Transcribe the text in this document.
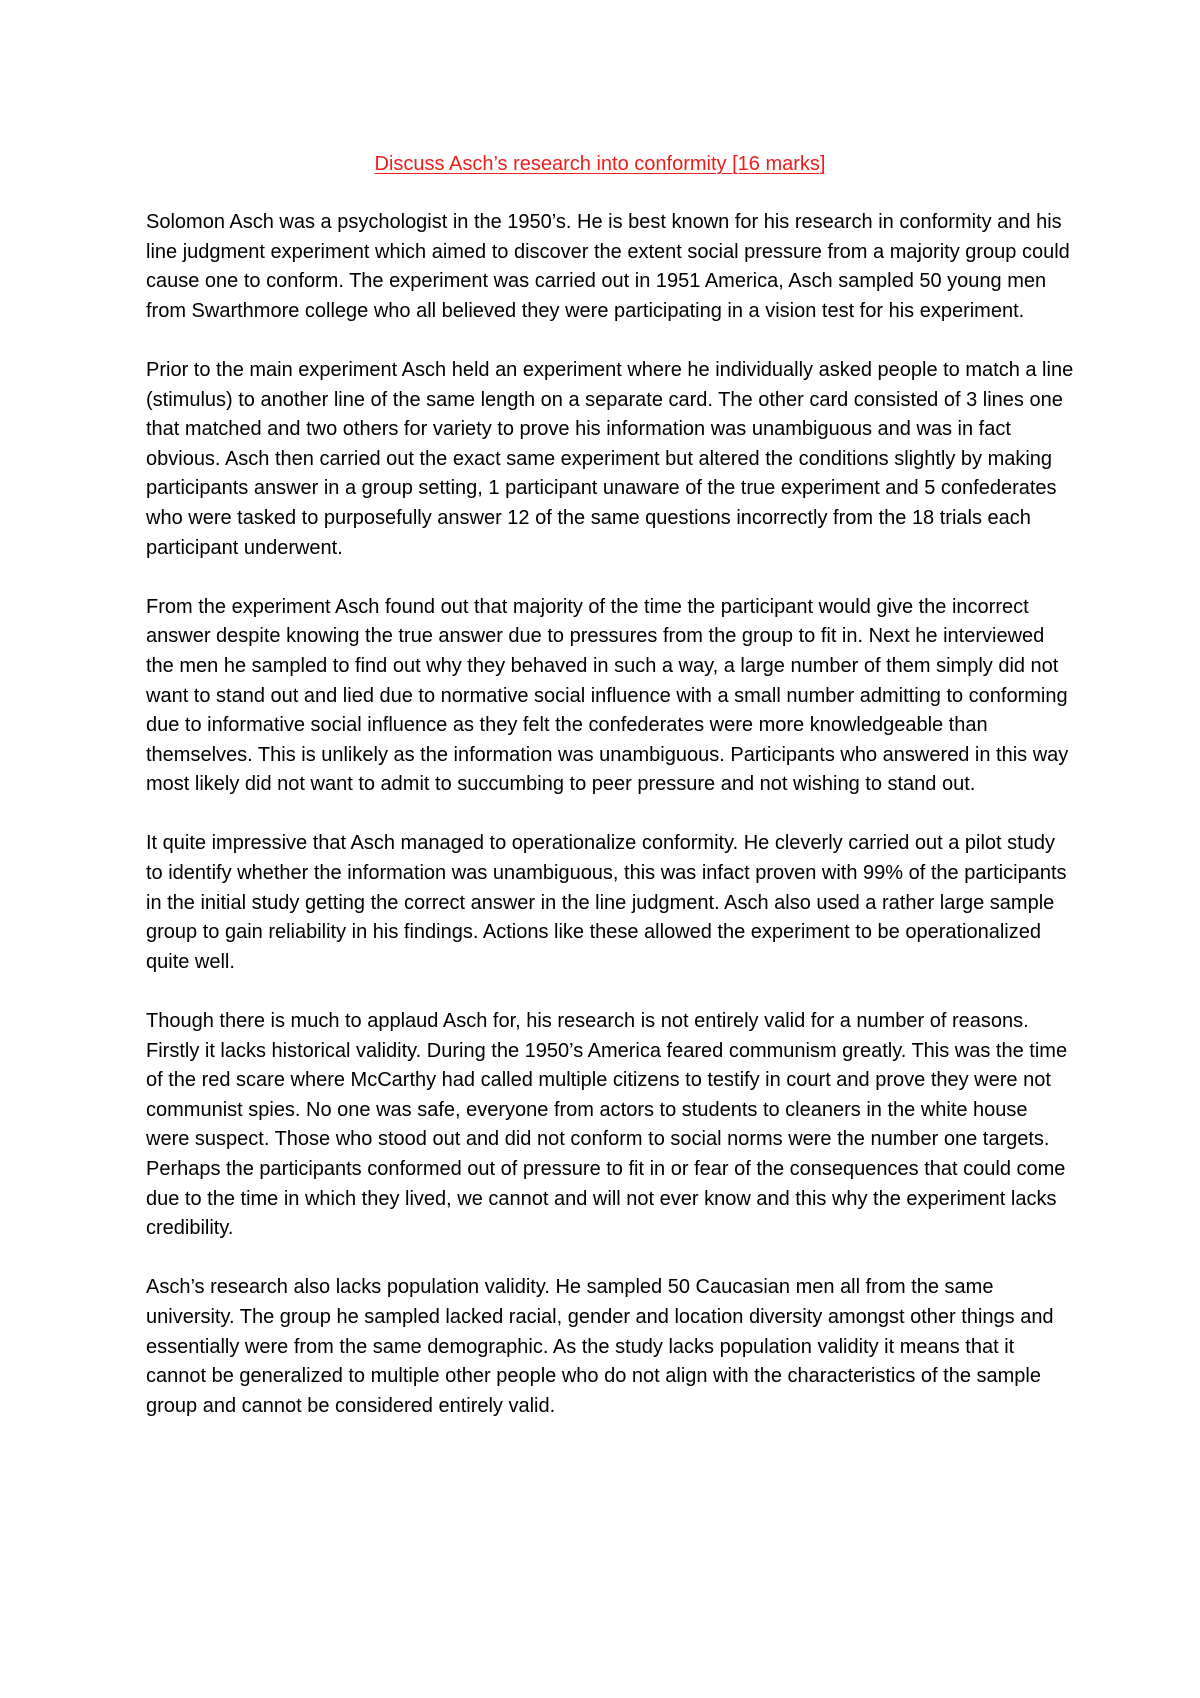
Discuss Asch’s research into conformity [16 marks]

Solomon Asch was a psychologist in the 1950’s. He is best known for his research in conformity and his line judgment experiment which aimed to discover the extent social pressure from a majority group could cause one to conform. The experiment was carried out in 1951 America, Asch sampled 50 young men from Swarthmore college who all believed they were participating in a vision test for his experiment.

Prior to the main experiment Asch held an experiment where he individually asked people to match a line (stimulus) to another line of the same length on a separate card. The other card consisted of 3 lines one that matched and two others for variety to prove his information was unambiguous and was in fact obvious. Asch then carried out the exact same experiment but altered the conditions slightly by making participants answer in a group setting, 1 participant unaware of the true experiment and 5 confederates who were tasked to purposefully answer 12 of the same questions incorrectly from the 18 trials each participant underwent.

From the experiment Asch found out that majority of the time the participant would give the incorrect answer despite knowing the true answer due to pressures from the group to fit in. Next he interviewed the men he sampled to find out why they behaved in such a way, a large number of them simply did not want to stand out and lied due to normative social influence with a small number admitting to conforming due to informative social influence as they felt the confederates were more knowledgeable than themselves. This is unlikely as the information was unambiguous. Participants who answered in this way most likely did not want to admit to succumbing to peer pressure and not wishing to stand out.

It quite impressive that Asch managed to operationalize conformity. He cleverly carried out a pilot study to identify whether the information was unambiguous, this was infact proven with 99% of the participants in the initial study getting the correct answer in the line judgment. Asch also used a rather large sample group to gain reliability in his findings. Actions like these allowed the experiment to be operationalized quite well.

Though there is much to applaud Asch for, his research is not entirely valid for a number of reasons. Firstly it lacks historical validity. During the 1950’s America feared communism greatly. This was the time of the red scare where McCarthy had called multiple citizens to testify in court and prove they were not communist spies. No one was safe, everyone from actors to students to cleaners in the white house were suspect. Those who stood out and did not conform to social norms were the number one targets. Perhaps the participants conformed out of pressure to fit in or fear of the consequences that could come due to the time in which they lived, we cannot and will not ever know and this why the experiment lacks credibility.

Asch’s research also lacks population validity. He sampled 50 Caucasian men all from the same university. The group he sampled lacked racial, gender and location diversity amongst other things and essentially were from the same demographic. As the study lacks population validity it means that it cannot be generalized to multiple other people who do not align with the characteristics of the sample group and cannot be considered entirely valid.
